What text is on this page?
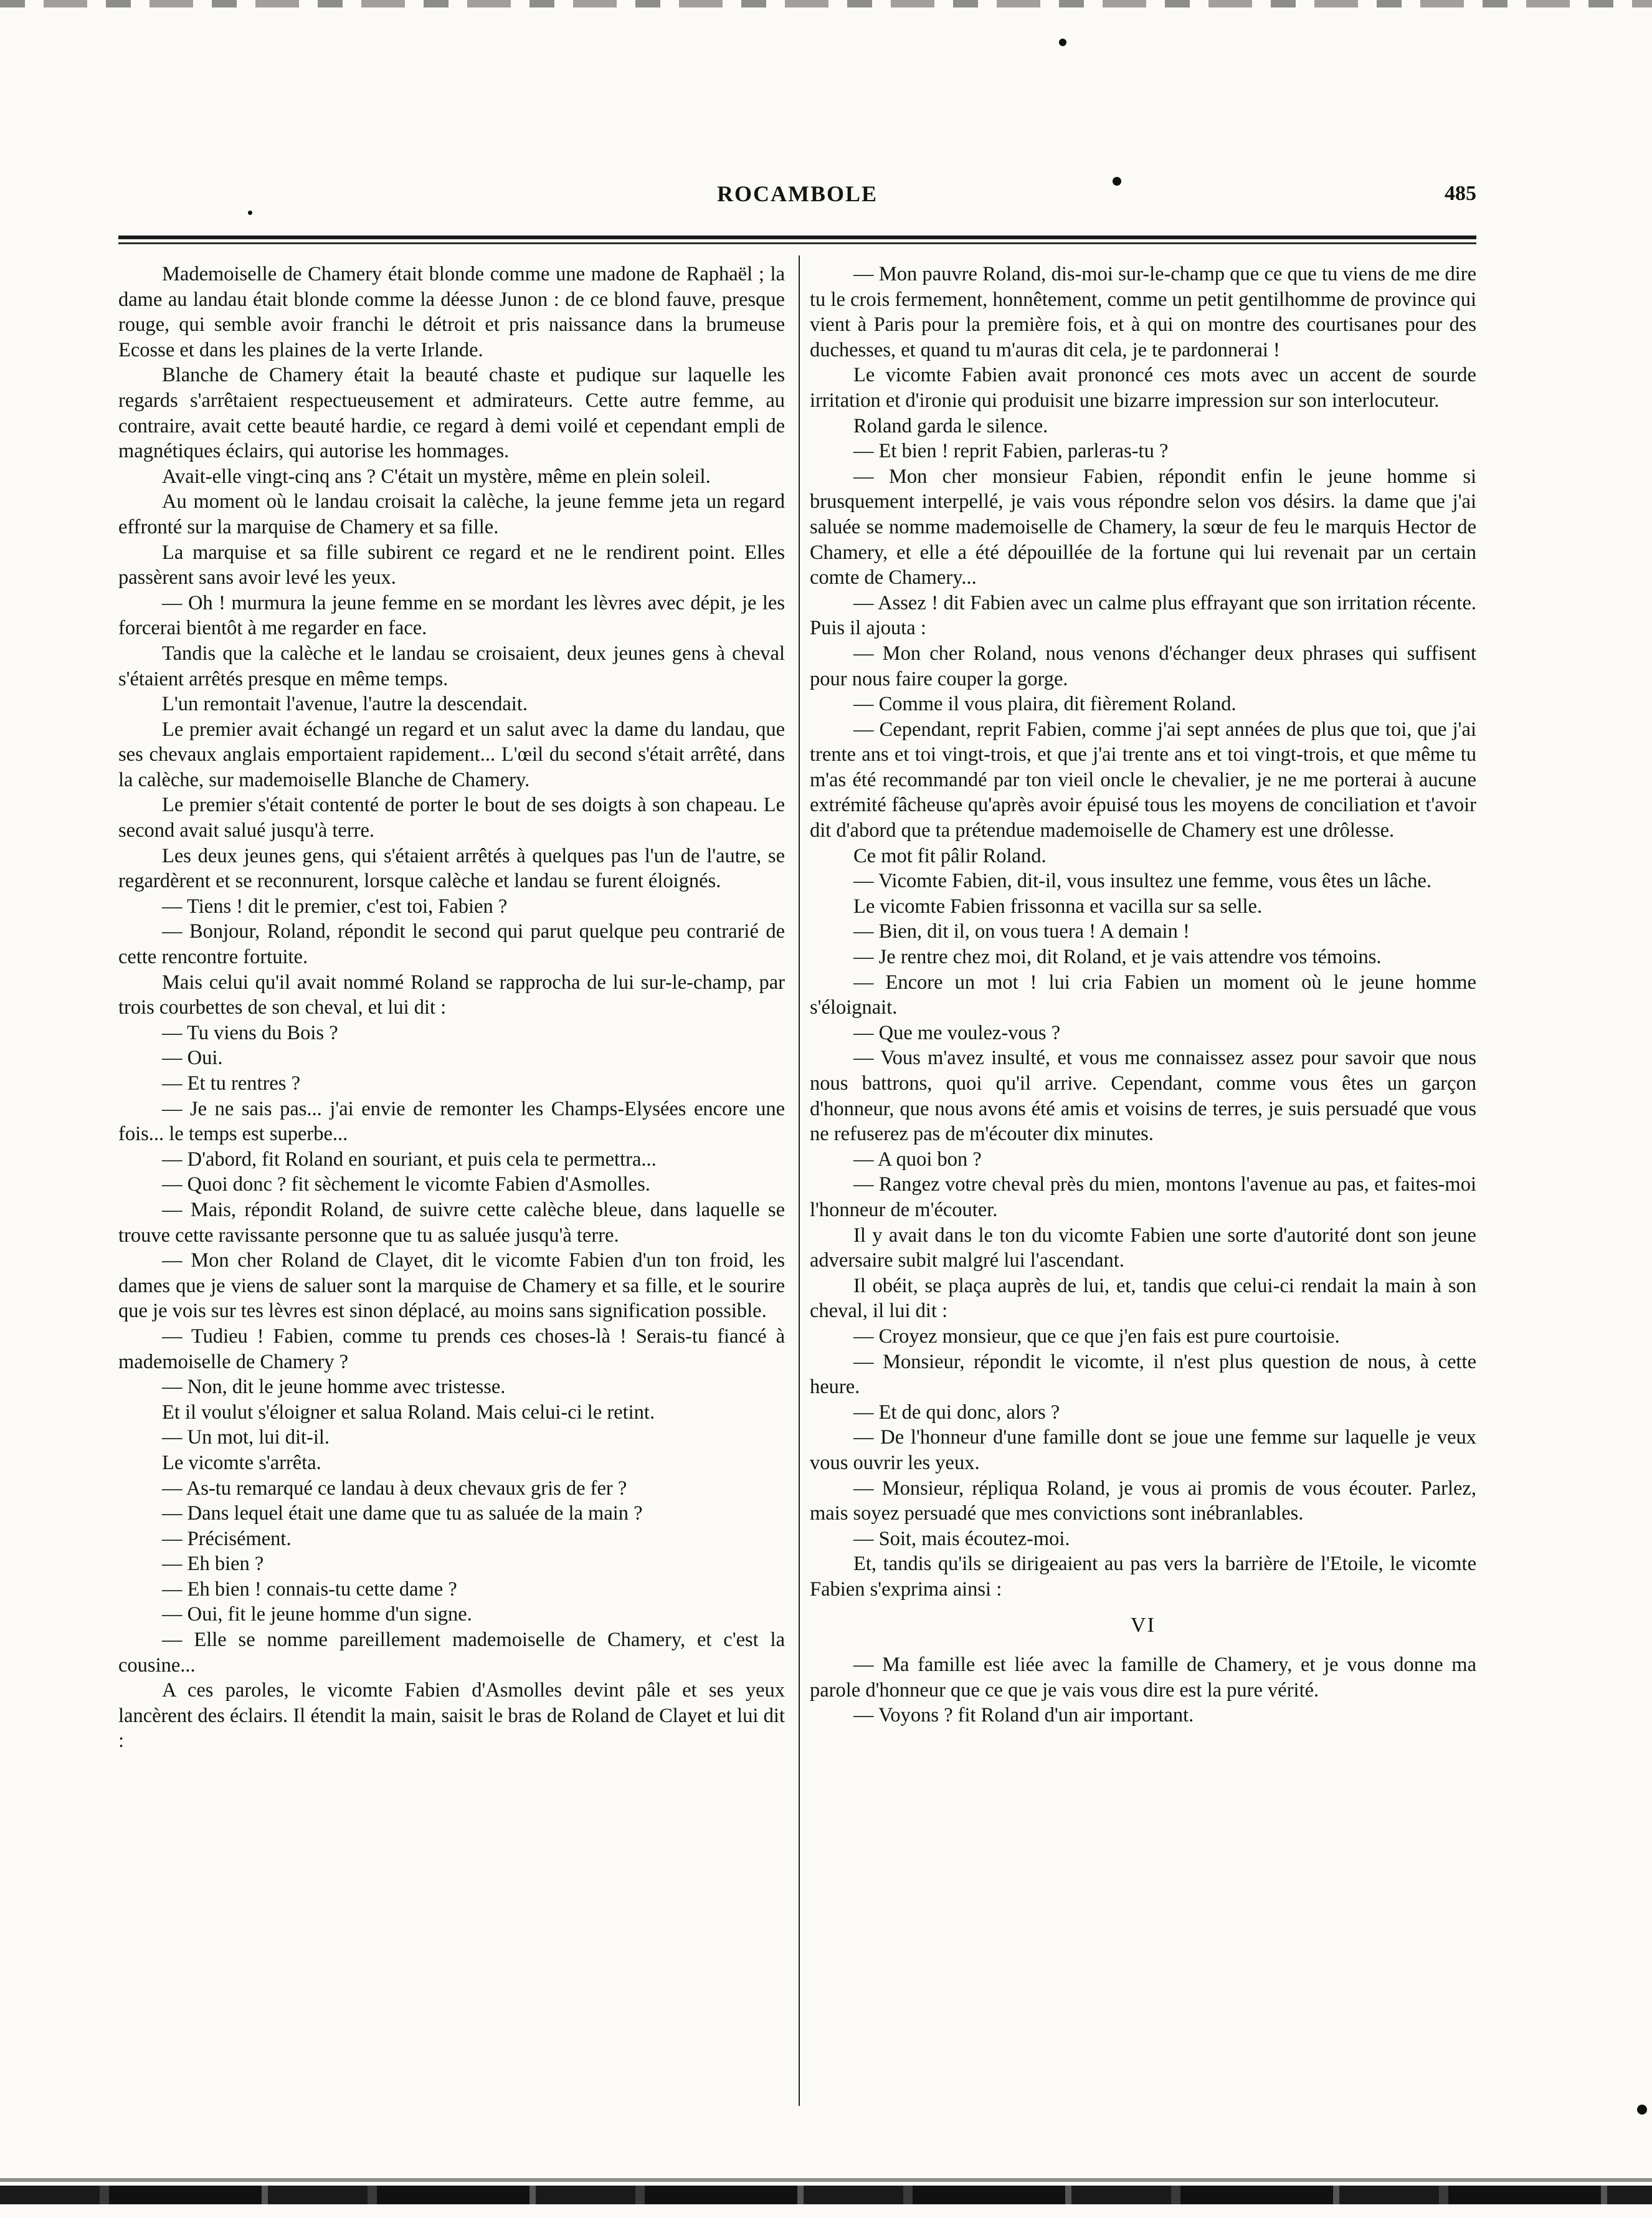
ROCAMBOLE	485

Mademoiselle de Chamery était blonde comme une madone de Raphaël ; la dame au landau était blonde comme la déesse Junon : de ce blond fauve, presque rouge, qui semble avoir franchi le détroit et pris naissance dans la brumeuse Ecosse et dans les plaines de la verte Irlande.

Blanche de Chamery était la beauté chaste et pudique sur laquelle les regards s'arrêtaient respectueusement et admirateurs. Cette autre femme, au contraire, avait cette beauté hardie, ce regard à demi voilé et cependant empli de magnétiques éclairs, qui autorise les hommages.

Avait-elle vingt-cinq ans ? C'était un mystère, même en plein soleil.

Au moment où le landau croisait la calèche, la jeune femme jeta un regard effronté sur la marquise de Chamery et sa fille.

La marquise et sa fille subirent ce regard et ne le rendirent point. Elles passèrent sans avoir levé les yeux.

— Oh ! murmura la jeune femme en se mordant les lèvres avec dépit, je les forcerai bientôt à me regarder en face.

Tandis que la calèche et le landau se croisaient, deux jeunes gens à cheval s'étaient arrêtés presque en même temps.

L'un remontait l'avenue, l'autre la descendait.

Le premier avait échangé un regard et un salut avec la dame du landau, que ses chevaux anglais emportaient rapidement... L'œil du second s'était arrêté, dans la calèche, sur mademoiselle Blanche de Chamery.

Le premier s'était contenté de porter le bout de ses doigts à son chapeau. Le second avait salué jusqu'à terre.

Les deux jeunes gens, qui s'étaient arrêtés à quelques pas l'un de l'autre, se regardèrent et se reconnurent, lorsque calèche et landau se furent éloignés.

— Tiens ! dit le premier, c'est toi, Fabien ?

— Bonjour, Roland, répondit le second qui parut quelque peu contrarié de cette rencontre fortuite.

Mais celui qu'il avait nommé Roland se rapprocha de lui sur-le-champ, par trois courbettes de son cheval, et lui dit :

— Tu viens du Bois ?

— Oui.

— Et tu rentres ?

— Je ne sais pas... j'ai envie de remonter les Champs-Elysées encore une fois... le temps est superbe...

— D'abord, fit Roland en souriant, et puis cela te permettra...

— Quoi donc ? fit sèchement le vicomte Fabien d'Asmolles.

— Mais, répondit Roland, de suivre cette calèche bleue, dans laquelle se trouve cette ravissante personne que tu as saluée jusqu'à terre.

— Mon cher Roland de Clayet, dit le vicomte Fabien d'un ton froid, les dames que je viens de saluer sont la marquise de Chamery et sa fille, et le sourire que je vois sur tes lèvres est sinon déplacé, au moins sans signification possible.

— Tudieu ! Fabien, comme tu prends ces choses-là ! Serais-tu fiancé à mademoiselle de Chamery ?

— Non, dit le jeune homme avec tristesse.

Et il voulut s'éloigner et salua Roland. Mais celui-ci le retint.

— Un mot, lui dit-il.

Le vicomte s'arrêta.

— As-tu remarqué ce landau à deux chevaux gris de fer ?

— Dans lequel était une dame que tu as saluée de la main ?

— Précisément.

— Eh bien ?

— Eh bien ! connais-tu cette dame ?

— Oui, fit le jeune homme d'un signe.

— Elle se nomme pareillement mademoiselle de Chamery, et c'est la cousine...

A ces paroles, le vicomte Fabien d'Asmolles devint pâle et ses yeux lancèrent des éclairs. Il étendit la main, saisit le bras de Roland de Clayet et lui dit :

— Mon pauvre Roland, dis-moi sur-le-champ que ce que tu viens de me dire tu le crois fermement, honnêtement, comme un petit gentilhomme de province qui vient à Paris pour la première fois, et à qui on montre des courtisanes pour des duchesses, et quand tu m'auras dit cela, je te pardonnerai !

Le vicomte Fabien avait prononcé ces mots avec un accent de sourde irritation et d'ironie qui produisit une bizarre impression sur son interlocuteur.

Roland garda le silence.

— Et bien ! reprit Fabien, parleras-tu ?

— Mon cher monsieur Fabien, répondit enfin le jeune homme si brusquement interpellé, je vais vous répondre selon vos désirs. la dame que j'ai saluée se nomme mademoiselle de Chamery, la sœur de feu le marquis Hector de Chamery, et elle a été dépouillée de la fortune qui lui revenait par un certain comte de Chamery...

— Assez ! dit Fabien avec un calme plus effrayant que son irritation récente. Puis il ajouta :

— Mon cher Roland, nous venons d'échanger deux phrases qui suffisent pour nous faire couper la gorge.

— Comme il vous plaira, dit fièrement Roland.

— Cependant, reprit Fabien, comme j'ai sept années de plus que toi, que j'ai trente ans et toi vingt-trois, et que j'ai trente ans et toi vingt-trois, et que même tu m'as été recommandé par ton vieil oncle le chevalier, je ne me porterai à aucune extrémité fâcheuse qu'après avoir épuisé tous les moyens de conciliation et t'avoir dit d'abord que ta prétendue mademoiselle de Chamery est une drôlesse.

Ce mot fit pâlir Roland.

— Vicomte Fabien, dit-il, vous insultez une femme, vous êtes un lâche.

Le vicomte Fabien frissonna et vacilla sur sa selle.

— Bien, dit il, on vous tuera ! A demain !

— Je rentre chez moi, dit Roland, et je vais attendre vos témoins.

— Encore un mot ! lui cria Fabien un moment où le jeune homme s'éloignait.

— Que me voulez-vous ?

— Vous m'avez insulté, et vous me connaissez assez pour savoir que nous nous battrons, quoi qu'il arrive. Cependant, comme vous êtes un garçon d'honneur, que nous avons été amis et voisins de terres, je suis persuadé que vous ne refuserez pas de m'écouter dix minutes.

— A quoi bon ?

— Rangez votre cheval près du mien, montons l'avenue au pas, et faites-moi l'honneur de m'écouter.

Il y avait dans le ton du vicomte Fabien une sorte d'autorité dont son jeune adversaire subit malgré lui l'ascendant.

Il obéit, se plaça auprès de lui, et, tandis que celui-ci rendait la main à son cheval, il lui dit :

— Croyez monsieur, que ce que j'en fais est pure courtoisie.

— Monsieur, répondit le vicomte, il n'est plus question de nous, à cette heure.

— Et de qui donc, alors ?

— De l'honneur d'une famille dont se joue une femme sur laquelle je veux vous ouvrir les yeux.

— Monsieur, répliqua Roland, je vous ai promis de vous écouter. Parlez, mais soyez persuadé que mes convictions sont inébranlables.

— Soit, mais écoutez-moi.

Et, tandis qu'ils se dirigeaient au pas vers la barrière de l'Etoile, le vicomte Fabien s'exprima ainsi :

VI

— Ma famille est liée avec la famille de Chamery, et je vous donne ma parole d'honneur que ce que je vais vous dire est la pure vérité.

— Voyons ? fit Roland d'un air important.
